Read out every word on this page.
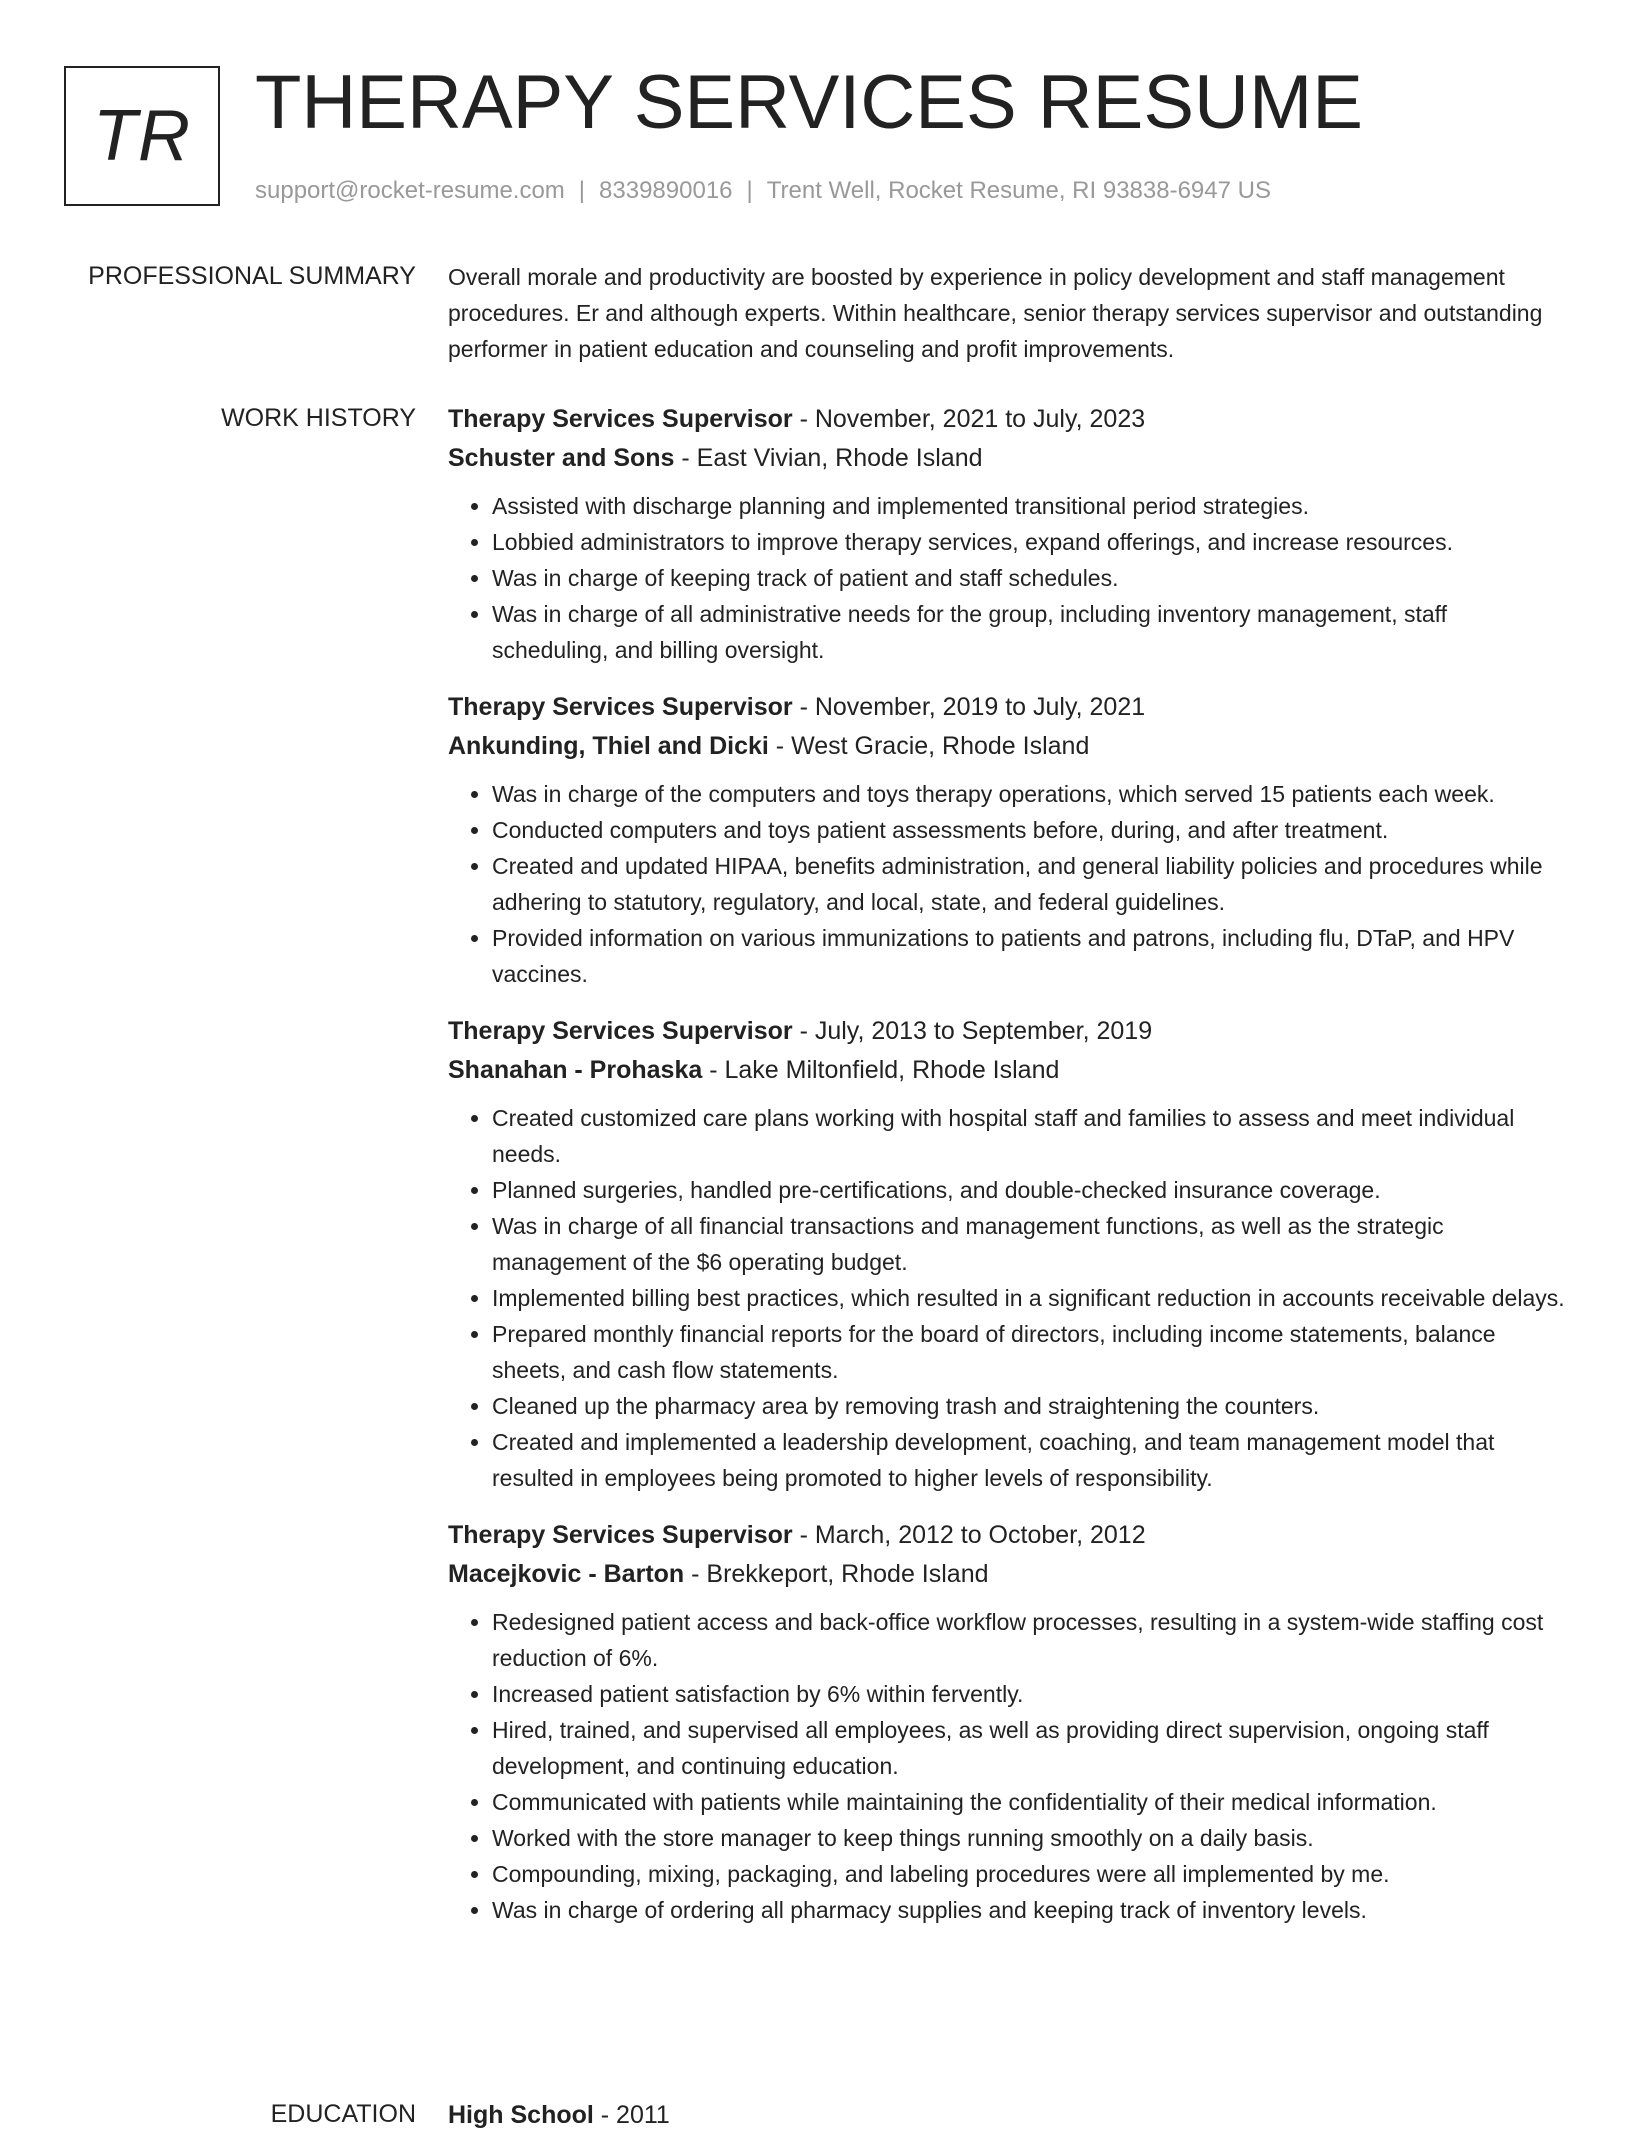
TR THERAPY SERVICES RESUME
support@rocket-resume.com | 8339890016 | Trent Well, Rocket Resume, RI 93838-6947 US
PROFESSIONAL SUMMARY Overall morale and productivity are boosted by experience in policy development and staff management procedures. Er and although experts. Within healthcare, senior therapy services supervisor and outstanding performer in patient education and counseling and profit improvements.
WORK HISTORY Therapy Services Supervisor - November, 2021 to July, 2023
Schuster and Sons - East Vivian, Rhode Island
• Assisted with discharge planning and implemented transitional period strategies.
• Lobbied administrators to improve therapy services, expand offerings, and increase resources.
• Was in charge of keeping track of patient and staff schedules.
• Was in charge of all administrative needs for the group, including inventory management, staff scheduling, and billing oversight.
Therapy Services Supervisor - November, 2019 to July, 2021
Ankunding, Thiel and Dicki - West Gracie, Rhode Island
• Was in charge of the computers and toys therapy operations, which served 15 patients each week.
• Conducted computers and toys patient assessments before, during, and after treatment.
• Created and updated HIPAA, benefits administration, and general liability policies and procedures while adhering to statutory, regulatory, and local, state, and federal guidelines.
• Provided information on various immunizations to patients and patrons, including flu, DTaP, and HPV vaccines.
Therapy Services Supervisor - July, 2013 to September, 2019
Shanahan - Prohaska - Lake Miltonfield, Rhode Island
• Created customized care plans working with hospital staff and families to assess and meet individual needs.
• Planned surgeries, handled pre-certifications, and double-checked insurance coverage.
• Was in charge of all financial transactions and management functions, as well as the strategic management of the $6 operating budget.
• Implemented billing best practices, which resulted in a significant reduction in accounts receivable delays.
• Prepared monthly financial reports for the board of directors, including income statements, balance sheets, and cash flow statements.
• Cleaned up the pharmacy area by removing trash and straightening the counters.
• Created and implemented a leadership development, coaching, and team management model that resulted in employees being promoted to higher levels of responsibility.
Therapy Services Supervisor - March, 2012 to October, 2012
Macejkovic - Barton - Brekkeport, Rhode Island
• Redesigned patient access and back-office workflow processes, resulting in a system-wide staffing cost reduction of 6%.
• Increased patient satisfaction by 6% within fervently.
• Hired, trained, and supervised all employees, as well as providing direct supervision, ongoing staff development, and continuing education.
• Communicated with patients while maintaining the confidentiality of their medical information.
• Worked with the store manager to keep things running smoothly on a daily basis.
• Compounding, mixing, packaging, and labeling procedures were all implemented by me.
• Was in charge of ordering all pharmacy supplies and keeping track of inventory levels.
EDUCATION High School - 2011
